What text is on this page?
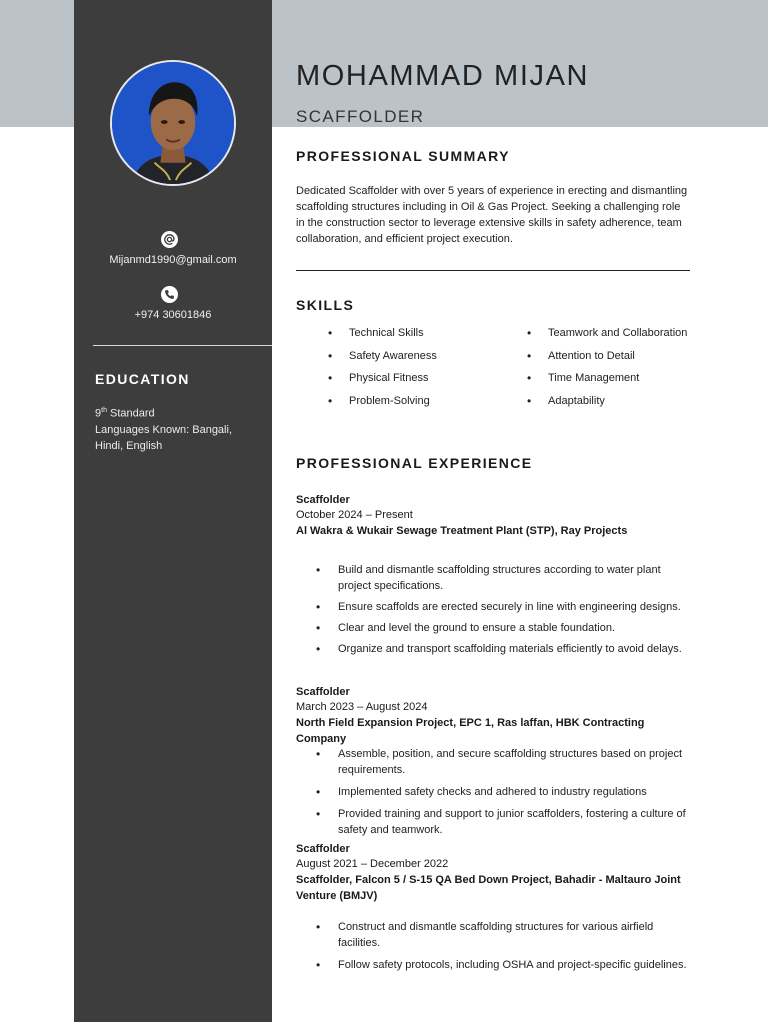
Mijanmd1990@gmail.com
+974 30601846
EDUCATION
9th Standard
Languages Known: Bangali,
Hindi, English
MOHAMMAD MIJAN
SCAFFOLDER
PROFESSIONAL SUMMARY
Dedicated Scaffolder with over 5 years of experience in erecting and dismantling
scaffolding structures including in Oil & Gas Project. Seeking a challenging role
in the construction sector to leverage extensive skills in safety adherence, team
collaboration, and efficient project execution.
SKILLS
• Technical Skills
• Safety Awareness
• Physical Fitness
• Problem-Solving
• Teamwork and Collaboration
• Attention to Detail
• Time Management
• Adaptability
PROFESSIONAL EXPERIENCE
Scaffolder
October 2024 – Present
Al Wakra & Wukair Sewage Treatment Plant (STP), Ray Projects
• Build and dismantle scaffolding structures according to water plant project specifications.
• Ensure scaffolds are erected securely in line with engineering designs.
• Clear and level the ground to ensure a stable foundation.
• Organize and transport scaffolding materials efficiently to avoid delays.
Scaffolder
March 2023 – August 2024
North Field Expansion Project, EPC 1, Ras laffan, HBK Contracting Company
• Assemble, position, and secure scaffolding structures based on project requirements.
• Implemented safety checks and adhered to industry regulations
• Provided training and support to junior scaffolders, fostering a culture of safety and teamwork.
Scaffolder
August 2021 – December 2022
Scaffolder, Falcon 5 / S-15 QA Bed Down Project, Bahadir - Maltauro Joint Venture (BMJV)
• Construct and dismantle scaffolding structures for various airfield facilities.
• Follow safety protocols, including OSHA and project-specific guidelines.
